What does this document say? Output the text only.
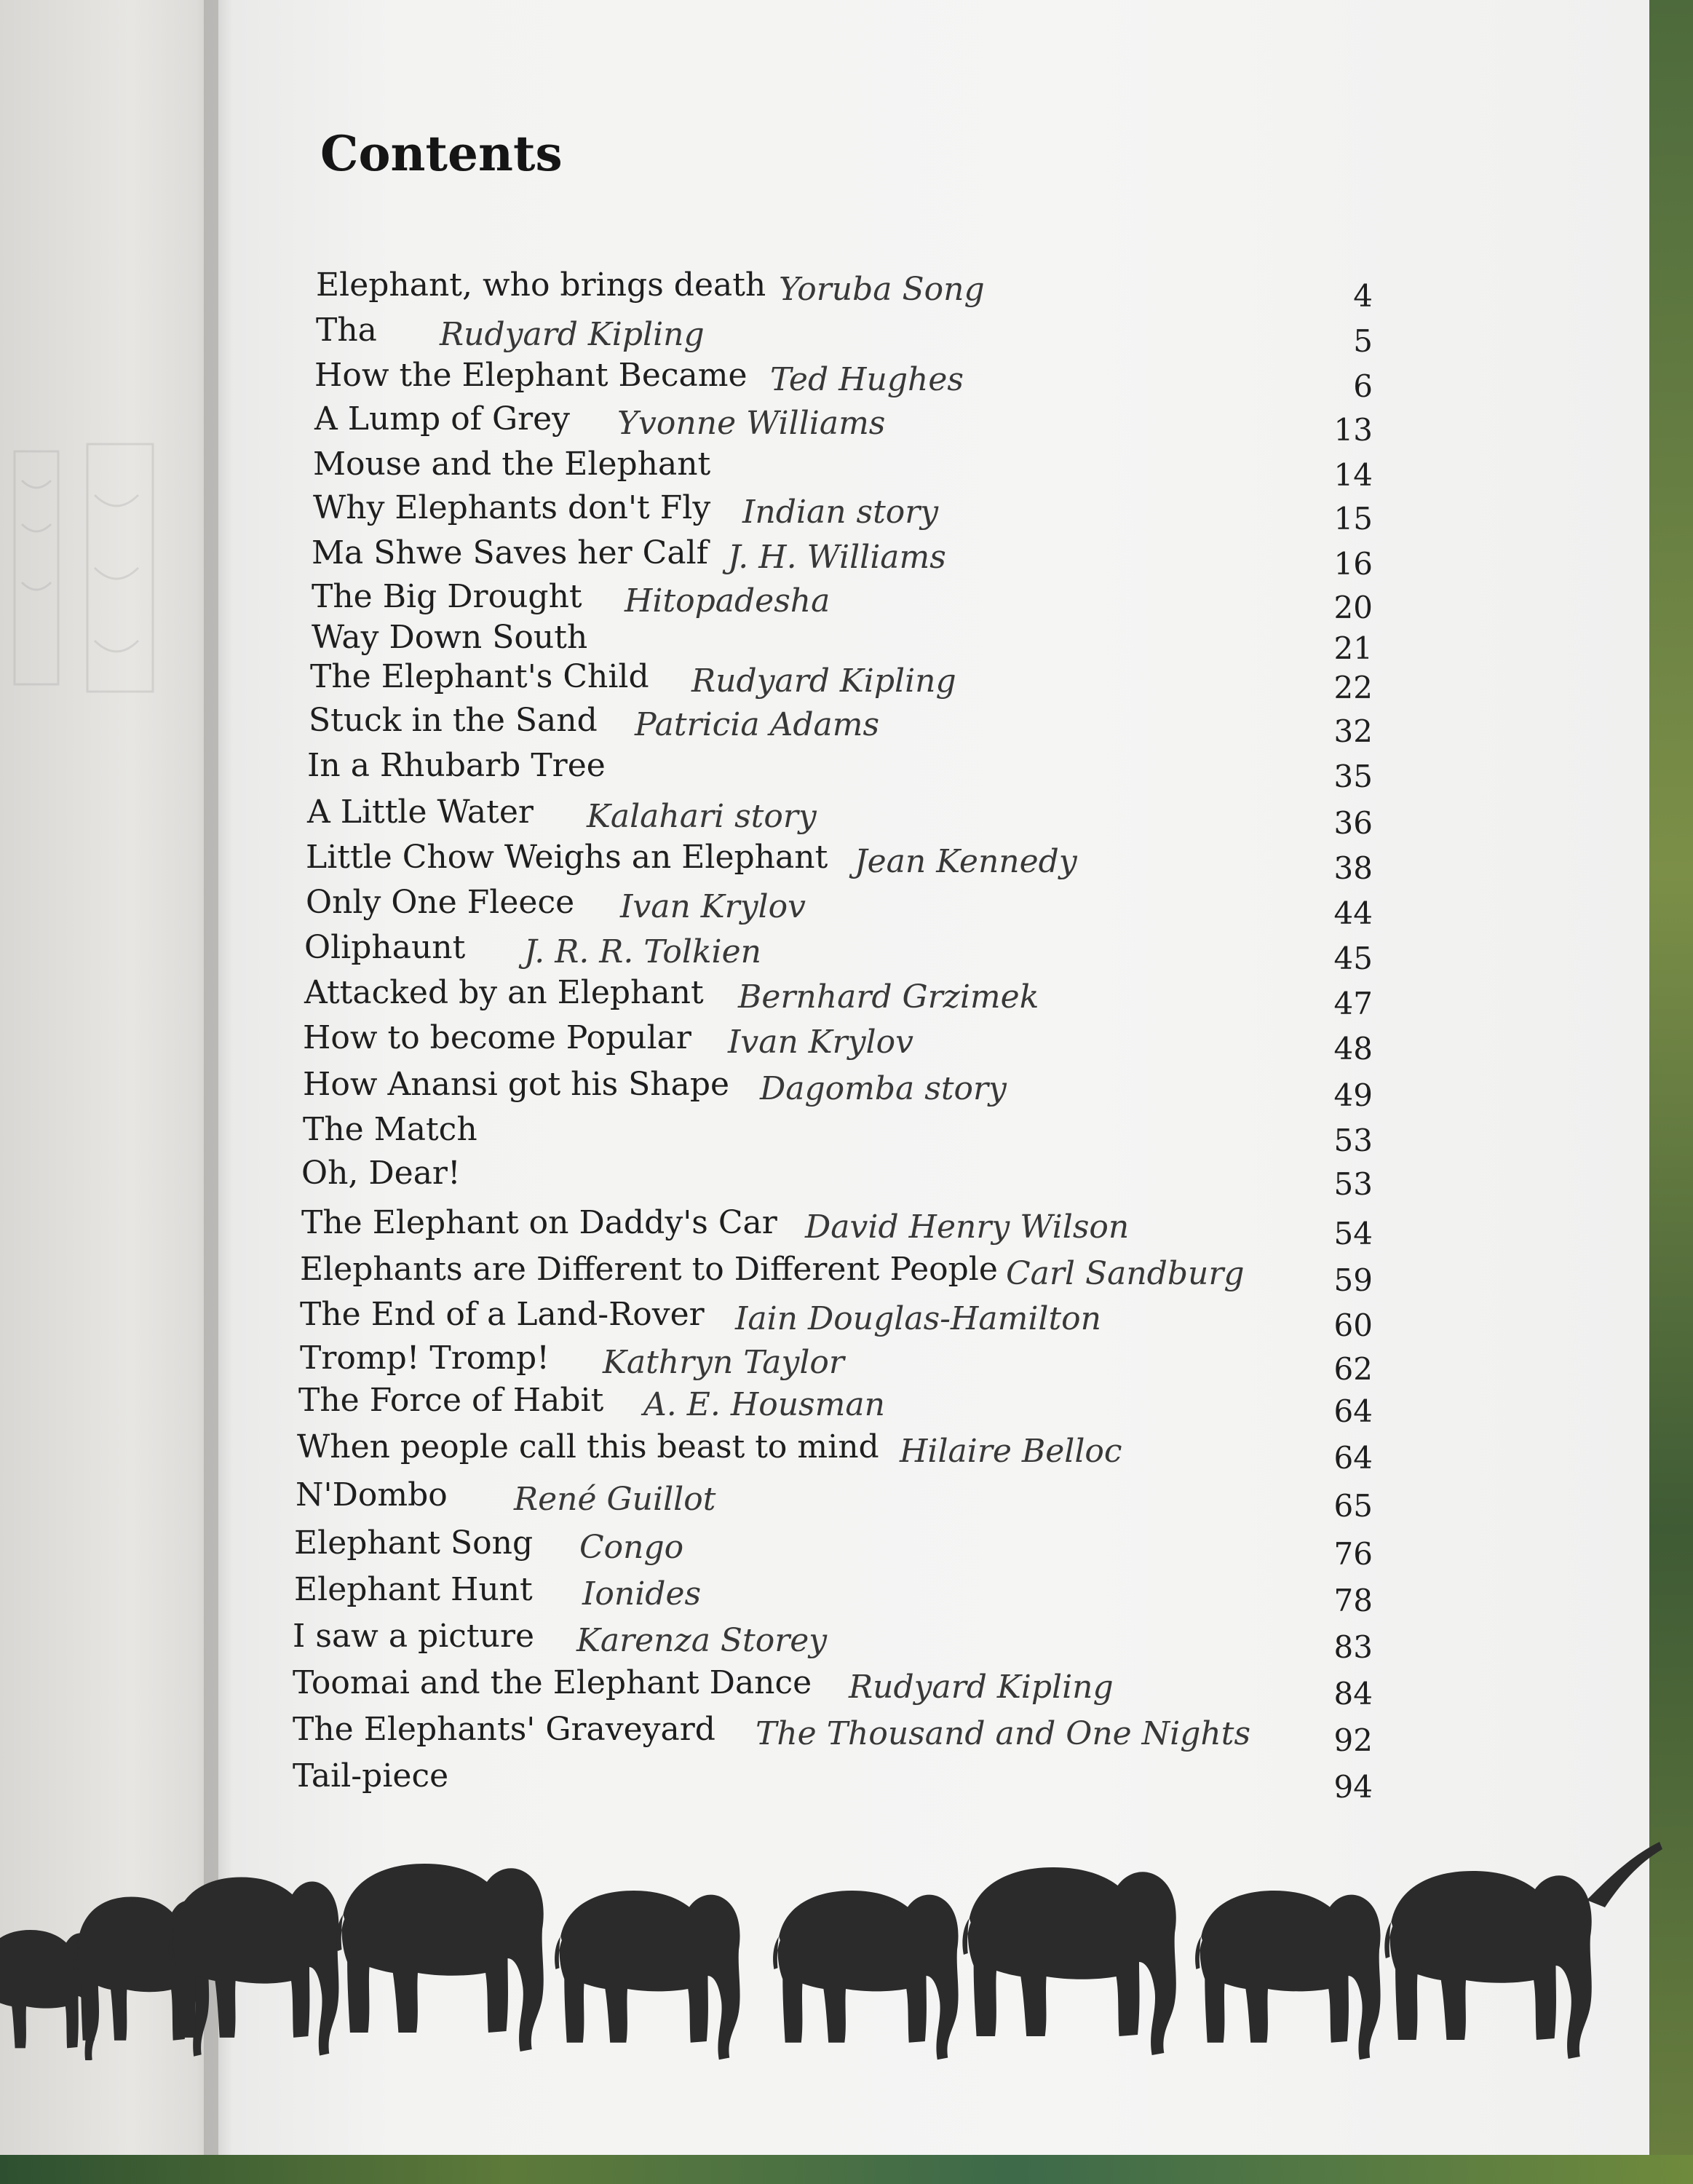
Contents
Elephant, who brings death Yoruba Song	4
Tha Rudyard Kipling	5
How the Elephant Became Ted Hughes	6
A Lump of Grey Yvonne Williams	13
Mouse and the Elephant	14
Why Elephants don't Fly Indian story	15
Ma Shwe Saves her Calf J. H. Williams	16
The Big Drought Hitopadesha	20
Way Down South	21
The Elephant's Child Rudyard Kipling	22
Stuck in the Sand Patricia Adams	32
In a Rhubarb Tree	35
A Little Water Kalahari story	36
Little Chow Weighs an Elephant Jean Kennedy	38
Only One Fleece Ivan Krylov	44
Oliphaunt J. R. R. Tolkien	45
Attacked by an Elephant Bernhard Grzimek	47
How to become Popular Ivan Krylov	48
How Anansi got his Shape Dagomba story	49
The Match	53
Oh, Dear!	53
The Elephant on Daddy's Car David Henry Wilson	54
Elephants are Different to Different People Carl Sandburg	59
The End of a Land-Rover Iain Douglas-Hamilton	60
Tromp! Tromp! Kathryn Taylor	62
The Force of Habit A. E. Housman	64
When people call this beast to mind Hilaire Belloc	64
N'Dombo René Guillot	65
Elephant Song Congo	76
Elephant Hunt Ionides	78
I saw a picture Karenza Storey	83
Toomai and the Elephant Dance Rudyard Kipling	84
The Elephants' Graveyard The Thousand and One Nights	92
Tail-piece	94
